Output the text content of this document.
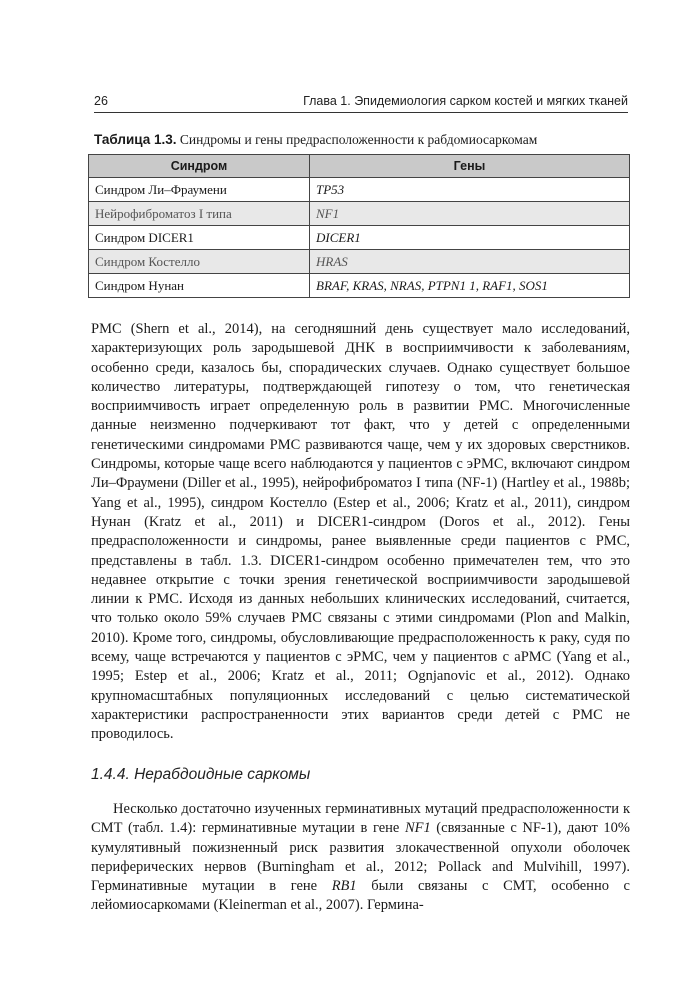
26	Глава 1. Эпидемиология сарком костей и мягких тканей
Таблица 1.3. Синдромы и гены предрасположенности к рабдомиосаркомам
Синдром	Гены
Синдром Ли–Фраумени	TP53
Нейрофиброматоз I типа	NF1
Синдром DICER1	DICER1
Синдром Костелло	HRAS
Синдром Нунан	BRAF, KRAS, NRAS, PTPN1 1, RAF1, SOS1

РМС (Shern et al., 2014), на сегодняшний день существует мало исследований, характеризующих роль зародышевой ДНК в восприимчивости к заболеваниям, особенно среди, казалось бы, спорадических случаев. Однако существует большое количество литературы, подтверждающей гипотезу о том, что генетическая восприимчивость играет определенную роль в развитии РМС. Многочисленные данные неизменно подчеркивают тот факт, что у детей с определенными генетическими синдромами РМС развиваются чаще, чем у их здоровых сверстников. Синдромы, которые чаще всего наблюдаются у пациентов с эРМС, включают синдром Ли–Фраумени (Diller et al., 1995), нейрофиброматоз I типа (NF-1) (Hartley et al., 1988b; Yang et al., 1995), синдром Костелло (Estep et al., 2006; Kratz et al., 2011), синдром Нунан (Kratz et al., 2011) и DICER1-синдром (Doros et al., 2012). Гены предрасположенности и синдромы, ранее выявленные среди пациентов с РМС, представлены в табл. 1.3. DICER1-синдром особенно примечателен тем, что это недавнее открытие с точки зрения генетической восприимчивости зародышевой линии к РМС. Исходя из данных небольших клинических исследований, считается, что только около 59% случаев РМС связаны с этими синдромами (Plon and Malkin, 2010). Кроме того, синдромы, обусловливающие предрасположенность к раку, судя по всему, чаще встречаются у пациентов с эРМС, чем у пациентов с аРМС (Yang et al., 1995; Estep et al., 2006; Kratz et al., 2011; Ognjanovic et al., 2012). Однако крупномасштабных популяционных исследований с целью систематической характеристики распространенности этих вариантов среди детей с РМС не проводилось.

1.4.4. Нерабдоидные саркомы

Несколько достаточно изученных герминативных мутаций предрасположенности к СМТ (табл. 1.4): герминативные мутации в гене NF1 (связанные с NF-1), дают 10% кумулятивный пожизненный риск развития злокачественной опухоли оболочек периферических нервов (Burningham et al., 2012; Pollack and Mulvihill, 1997). Герминативные мутации в гене RB1 были связаны с СМТ, особенно с лейомиосаркомами (Kleinerman et al., 2007). Гермина-
